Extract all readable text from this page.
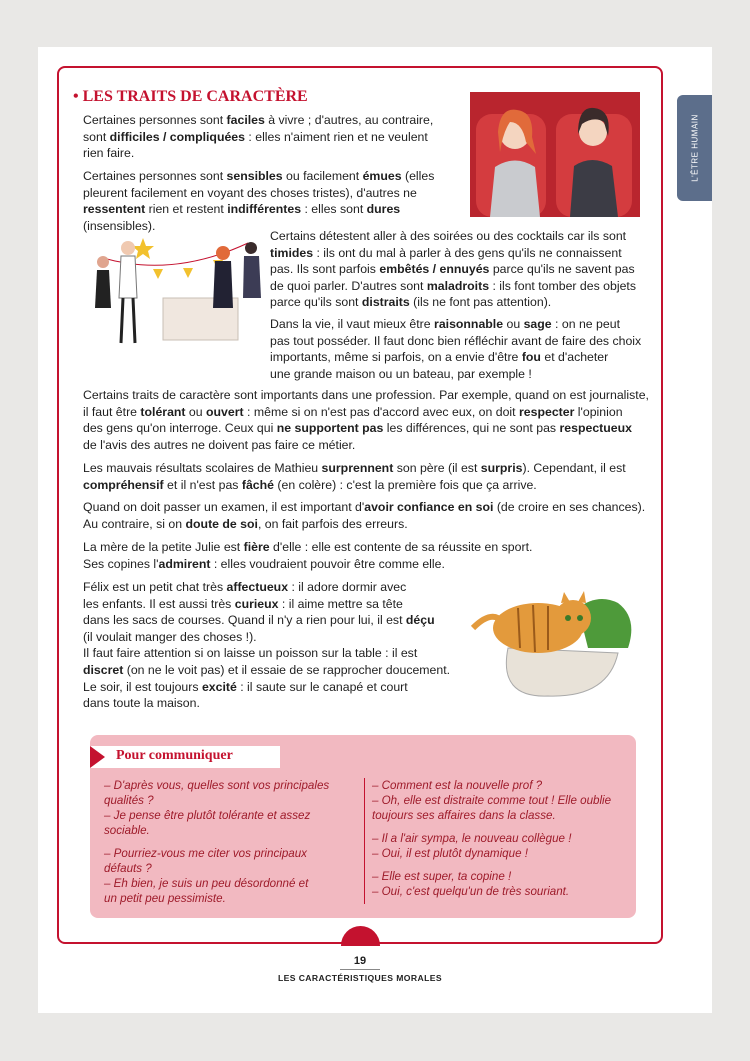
L'ÊTRE HUMAIN
• LES TRAITS DE CARACTÈRE

Certaines personnes sont faciles à vivre ; d'autres, au contraire,
sont difficiles / compliquées : elles n'aiment rien et ne veulent
rien faire.

Certaines personnes sont sensibles ou facilement émues (elles
pleurent facilement en voyant des choses tristes), d'autres ne
ressentent rien et restent indifférentes : elles sont dures (insensibles).

Certains détestent aller à des soirées ou des cocktails car ils sont
timides : ils ont du mal à parler à des gens qu'ils ne connaissent
pas. Ils sont parfois embêtés / ennuyés parce qu'ils ne savent pas
de quoi parler. D'autres sont maladroits : ils font tomber des objets
parce qu'ils sont distraits (ils ne font pas attention).

Dans la vie, il vaut mieux être raisonnable ou sage : on ne peut
pas tout posséder. Il faut donc bien réfléchir avant de faire des choix
importants, même si parfois, on a envie d'être fou et d'acheter
une grande maison ou un bateau, par exemple !

Certains traits de caractère sont importants dans une profession. Par exemple, quand on est journaliste,
il faut être tolérant ou ouvert : même si on n'est pas d'accord avec eux, on doit respecter l'opinion
des gens qu'on interroge. Ceux qui ne supportent pas les différences, qui ne sont pas respectueux
de l'avis des autres ne doivent pas faire ce métier.

Les mauvais résultats scolaires de Mathieu surprennent son père (il est surpris). Cependant, il est
compréhensif et il n'est pas fâché (en colère) : c'est la première fois que ça arrive.

Quand on doit passer un examen, il est important d'avoir confiance en soi (de croire en ses chances).
Au contraire, si on doute de soi, on fait parfois des erreurs.

La mère de la petite Julie est fière d'elle : elle est contente de sa réussite en sport.
Ses copines l'admirent : elles voudraient pouvoir être comme elle.

Félix est un petit chat très affectueux : il adore dormir avec
les enfants. Il est aussi très curieux : il aime mettre sa tête
dans les sacs de courses. Quand il n'y a rien pour lui, il est déçu
(il voulait manger des choses !).
Il faut faire attention si on laisse un poisson sur la table : il est
discret (on ne le voit pas) et il essaie de se rapprocher doucement.
Le soir, il est toujours excité : il saute sur le canapé et court
dans toute la maison.

Pour communiquer

– D'après vous, quelles sont vos principales
qualités ?
– Je pense être plutôt tolérante et assez
sociable.

– Pourriez-vous me citer vos principaux
défauts ?
– Eh bien, je suis un peu désordonné et
un petit peu pessimiste.

– Comment est la nouvelle prof ?
– Oh, elle est distraite comme tout ! Elle oublie
toujours ses affaires dans la classe.

– Il a l'air sympa, le nouveau collègue !
– Oui, il est plutôt dynamique !

– Elle est super, ta copine !
– Oui, c'est quelqu'un de très souriant.

19
LES CARACTÉRISTIQUES MORALES
